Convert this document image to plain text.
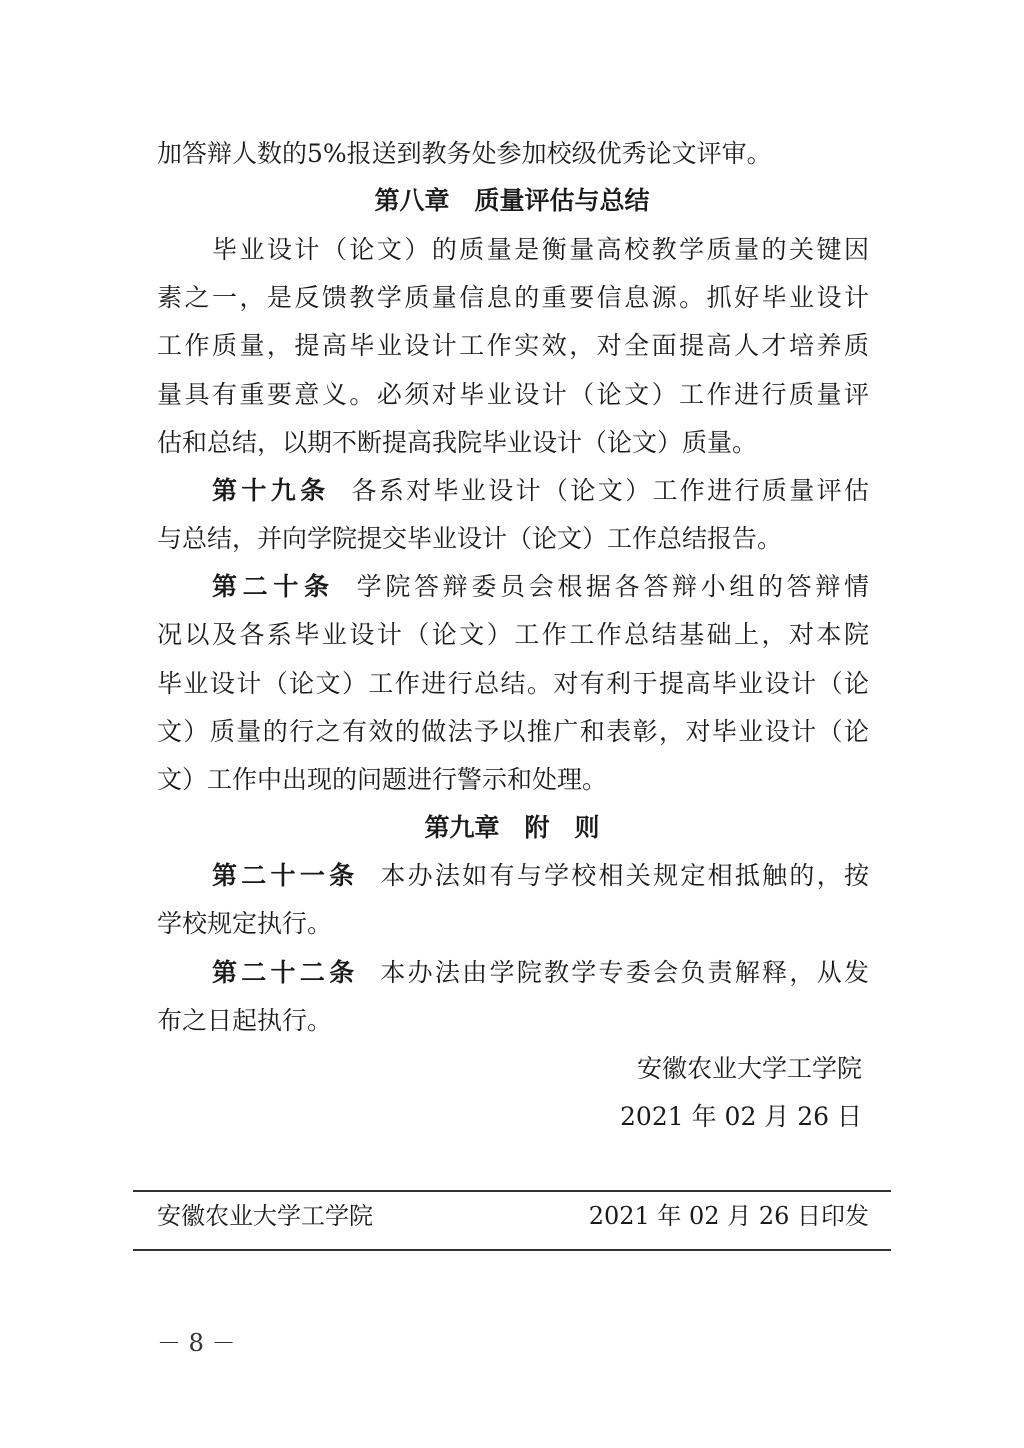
加答辩人数的5%报送到教务处参加校级优秀论文评审。
第八章　质量评估与总结
毕业设计（论文）的质量是衡量高校教学质量的关键因
素之一，是反馈教学质量信息的重要信息源。抓好毕业设计
工作质量，提高毕业设计工作实效，对全面提高人才培养质
量具有重要意义。必须对毕业设计（论文）工作进行质量评
估和总结，以期不断提高我院毕业设计（论文）质量。
第十九条 各系对毕业设计（论文）工作进行质量评估
与总结，并向学院提交毕业设计（论文）工作总结报告。
第二十条 学院答辩委员会根据各答辩小组的答辩情
况以及各系毕业设计（论文）工作工作总结基础上，对本院
毕业设计（论文）工作进行总结。对有利于提高毕业设计（论
文）质量的行之有效的做法予以推广和表彰，对毕业设计（论
文）工作中出现的问题进行警示和处理。
第九章　附　则
第二十一条 本办法如有与学校相关规定相抵触的，按
学校规定执行。
第二十二条 本办法由学院教学专委会负责解释，从发
布之日起执行。
安徽农业大学工学院
2021 年 02 月 26 日
安徽农业大学工学院	2021 年 02 月 26 日印发
－ 8 －
